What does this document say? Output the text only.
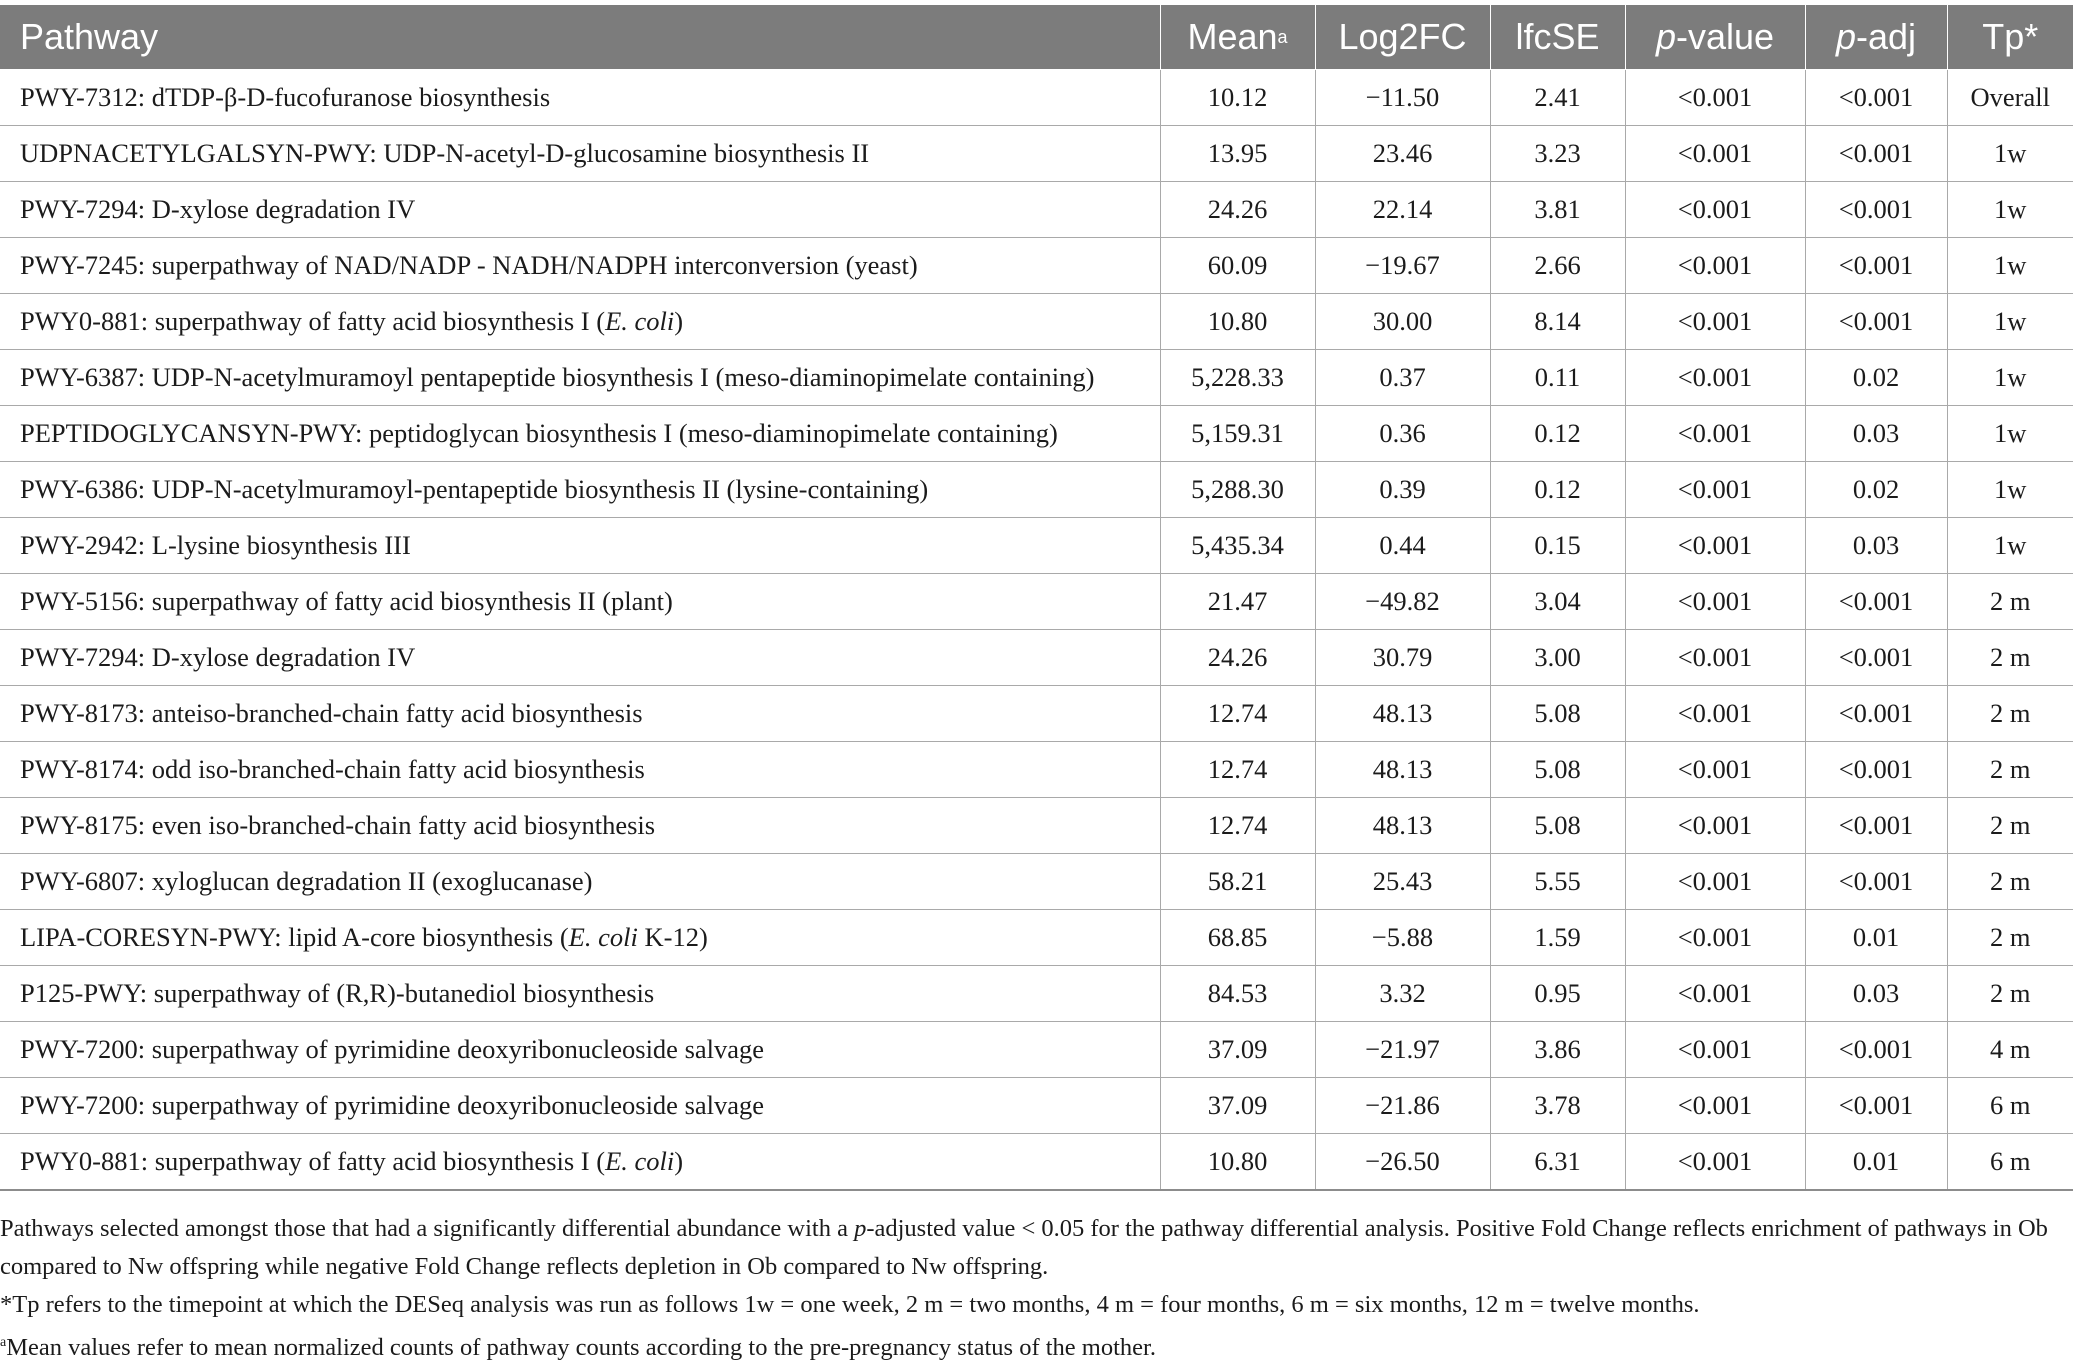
Pathway	Mean$^a$	Log2FC	lfcSE	p-value	p-adj	Tp*
PWY-7312: dTDP-β-D-fucofuranose biosynthesis	10.12	−11.50	2.41	<0.001	<0.001	Overall
UDPNACETYLGALSYN-PWY: UDP-N-acetyl-D-glucosamine biosynthesis II	13.95	23.46	3.23	<0.001	<0.001	1w
PWY-7294: D-xylose degradation IV	24.26	22.14	3.81	<0.001	<0.001	1w
PWY-7245: superpathway of NAD/NADP - NADH/NADPH interconversion (yeast)	60.09	−19.67	2.66	<0.001	<0.001	1w
PWY0-881: superpathway of fatty acid biosynthesis I (E. coli)	10.80	30.00	8.14	<0.001	<0.001	1w
PWY-6387: UDP-N-acetylmuramoyl pentapeptide biosynthesis I (meso-diaminopimelate containing)	5,228.33	0.37	0.11	<0.001	0.02	1w
PEPTIDOGLYCANSYN-PWY: peptidoglycan biosynthesis I (meso-diaminopimelate containing)	5,159.31	0.36	0.12	<0.001	0.03	1w
PWY-6386: UDP-N-acetylmuramoyl-pentapeptide biosynthesis II (lysine-containing)	5,288.30	0.39	0.12	<0.001	0.02	1w
PWY-2942: L-lysine biosynthesis III	5,435.34	0.44	0.15	<0.001	0.03	1w
PWY-5156: superpathway of fatty acid biosynthesis II (plant)	21.47	−49.82	3.04	<0.001	<0.001	2 m
PWY-7294: D-xylose degradation IV	24.26	30.79	3.00	<0.001	<0.001	2 m
PWY-8173: anteiso-branched-chain fatty acid biosynthesis	12.74	48.13	5.08	<0.001	<0.001	2 m
PWY-8174: odd iso-branched-chain fatty acid biosynthesis	12.74	48.13	5.08	<0.001	<0.001	2 m
PWY-8175: even iso-branched-chain fatty acid biosynthesis	12.74	48.13	5.08	<0.001	<0.001	2 m
PWY-6807: xyloglucan degradation II (exoglucanase)	58.21	25.43	5.55	<0.001	<0.001	2 m
LIPA-CORESYN-PWY: lipid A-core biosynthesis (E. coli K-12)	68.85	−5.88	1.59	<0.001	0.01	2 m
P125-PWY: superpathway of (R,R)-butanediol biosynthesis	84.53	3.32	0.95	<0.001	0.03	2 m
PWY-7200: superpathway of pyrimidine deoxyribonucleoside salvage	37.09	−21.97	3.86	<0.001	<0.001	4 m
PWY-7200: superpathway of pyrimidine deoxyribonucleoside salvage	37.09	−21.86	3.78	<0.001	<0.001	6 m
PWY0-881: superpathway of fatty acid biosynthesis I (E. coli)	10.80	−26.50	6.31	<0.001	0.01	6 m

Pathways selected amongst those that had a significantly differential abundance with a p-adjusted value < 0.05 for the pathway differential analysis. Positive Fold Change reflects enrichment of pathways in Ob compared to Nw offspring while negative Fold Change reflects depletion in Ob compared to Nw offspring.

*Tp refers to the timepoint at which the DESeq analysis was run as follows 1w = one week, 2 m = two months, 4 m = four months, 6 m = six months, 12 m = twelve months.

$^a$Mean values refer to mean normalized counts of pathway counts according to the pre-pregnancy status of the mother.
